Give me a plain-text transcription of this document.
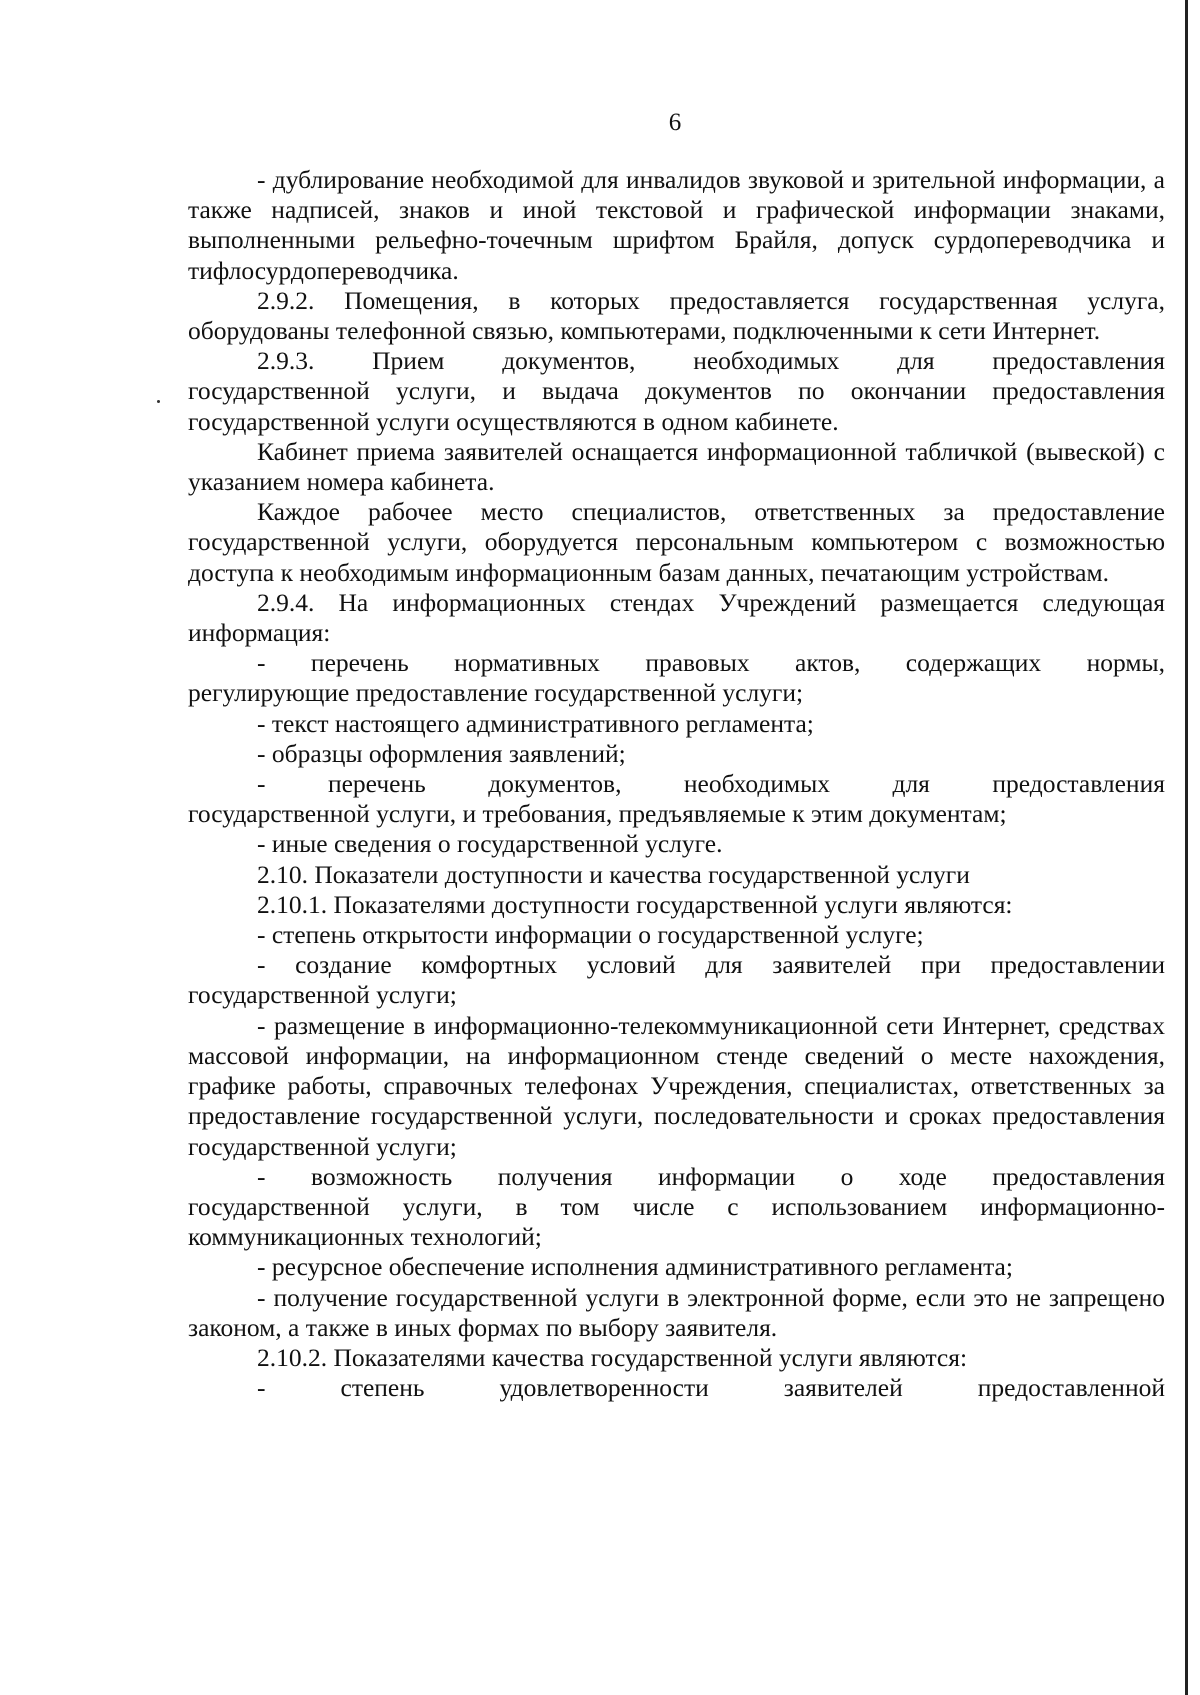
6

- дублирование необходимой для инвалидов звуковой и зрительной информации, а также надписей, знаков и иной текстовой и графической информации знаками, выполненными рельефно-точечным шрифтом Брайля, допуск сурдопереводчика и тифлосурдопереводчика.

2.9.2. Помещения, в которых предоставляется государственная услуга, оборудованы телефонной связью, компьютерами, подключенными к сети Интернет.

2.9.3. Прием документов, необходимых для предоставления

государственной услуги, и выдача документов по окончании предоставления государственной услуги осуществляются в одном кабинете.

Кабинет приема заявителей оснащается информационной табличкой (вывеской) с указанием номера кабинета.

Каждое рабочее место специалистов, ответственных за предоставление государственной услуги, оборудуется персональным компьютером с возможностью доступа к необходимым информационным базам данных, печатающим устройствам.

2.9.4. На информационных стендах Учреждений размещается следующая информация:

- перечень нормативных правовых актов, содержащих нормы,

регулирующие предоставление государственной услуги;

- текст настоящего административного регламента;

- образцы оформления заявлений;

- перечень документов, необходимых для предоставления

государственной услуги, и требования, предъявляемые к этим документам;

- иные сведения о государственной услуге.

2.10. Показатели доступности и качества государственной услуги

2.10.1. Показателями доступности государственной услуги являются:

- степень открытости информации о государственной услуге;

- создание комфортных условий для заявителей при предоставлении государственной услуги;

- размещение в информационно-телекоммуникационной сети Интернет, средствах массовой информации, на информационном стенде сведений о месте нахождения, графике работы, справочных телефонах Учреждения, специалистах, ответственных за предоставление государственной услуги, последовательности и сроках предоставления государственной услуги;

- возможность получения информации о ходе предоставления

государственной услуги, в том числе с использованием информационно-коммуникационных технологий;

- ресурсное обеспечение исполнения административного регламента;

- получение государственной услуги в электронной форме, если это не запрещено законом, а также в иных формах по выбору заявителя.

2.10.2. Показателями качества государственной услуги являются:

-	степень	удовлетворенности	заявителей	предоставленной
